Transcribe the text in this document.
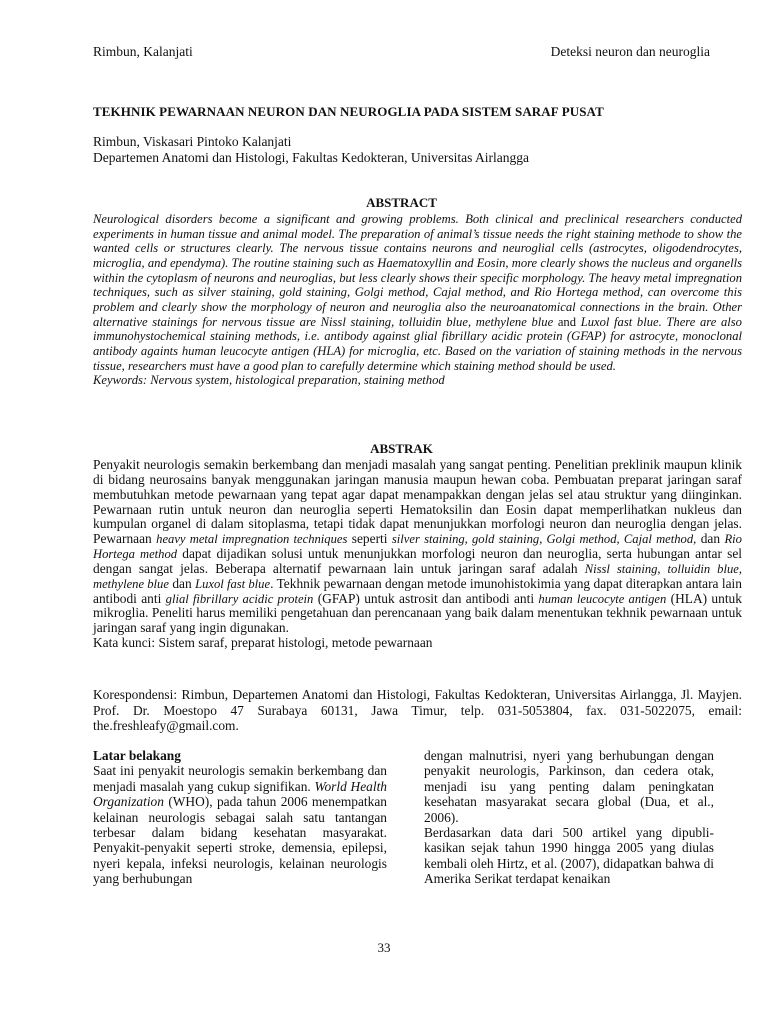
Rimbun, Kalanjati	Deteksi neuron dan neuroglia
TEKHNIK PEWARNAAN NEURON DAN NEUROGLIA PADA SISTEM SARAF PUSAT
Rimbun, Viskasari Pintoko Kalanjati
Departemen Anatomi dan Histologi, Fakultas Kedokteran, Universitas Airlangga
ABSTRACT
Neurological disorders become a significant and growing problems. Both clinical and preclinical researchers conducted experiments in human tissue and animal model. The preparation of animal’s tissue needs the right staining methode to show the wanted cells or structures clearly. The nervous tissue contains neurons and neuroglial cells (astrocytes, oligodendrocytes, microglia, and ependyma). The routine staining such as Haematoxyllin and Eosin, more clearly shows the nucleus and organells within the cytoplasm of neurons and neuroglias, but less clearly shows their specific morphology. The heavy metal impregnation techniques, such as silver staining, gold staining, Golgi method, Cajal method, and Rio Hortega method, can overcome this problem and clearly show the morphology of neuron and neuroglia also the neuroanatomical connections in the brain. Other alternative stainings for nervous tissue are Nissl staining, tolluidin blue, methylene blue and Luxol fast blue. There are also immunohystochemical staining methods, i.e. antibody against glial fibrillary acidic protein (GFAP) for astrocyte, monoclonal antibody againts human leucocyte antigen (HLA) for microglia, etc. Based on the variation of staining methods in the nervous tissue, researchers must have a good plan to carefully determine which staining method should be used.
Keywords: Nervous system, histological preparation, staining method
ABSTRAK
Penyakit neurologis semakin berkembang dan menjadi masalah yang sangat penting. Penelitian preklinik maupun klinik di bidang neurosains banyak menggunakan jaringan manusia maupun hewan coba. Pembuatan preparat jaringan saraf membutuhkan metode pewarnaan yang tepat agar dapat menampakkan dengan jelas sel atau struktur yang diinginkan. Pewarnaan rutin untuk neuron dan neuroglia seperti Hematoksilin dan Eosin dapat memperlihatkan nukleus dan kumpulan organel di dalam sitoplasma, tetapi tidak dapat menunjukkan morfologi neuron dan neuroglia dengan jelas. Pewarnaan heavy metal impregnation techniques seperti silver staining, gold staining, Golgi method, Cajal method, dan Rio Hortega method dapat dijadikan solusi untuk menunjukkan morfologi neuron dan neuroglia, serta hubungan antar sel dengan sangat jelas. Beberapa alternatif pewarnaan lain untuk jaringan saraf adalah Nissl staining, tolluidin blue, methylene blue dan Luxol fast blue. Tekhnik pewarnaan dengan metode imunohistokimia yang dapat diterapkan antara lain antibodi anti glial fibrillary acidic protein (GFAP) untuk astrosit dan antibodi anti human leucocyte antigen (HLA) untuk mikroglia. Peneliti harus memiliki pengetahuan dan perencanaan yang baik dalam menentukan tekhnik pewarnaan untuk jaringan saraf yang ingin digunakan.
Kata kunci: Sistem saraf, preparat histologi, metode pewarnaan
Korespondensi: Rimbun, Departemen Anatomi dan Histologi, Fakultas Kedokteran, Universitas Airlangga, Jl. Mayjen. Prof. Dr. Moestopo 47 Surabaya 60131, Jawa Timur, telp. 031-5053804, fax. 031-5022075, email: the.freshleafy@gmail.com.

Latar belakang

Saat ini penyakit neurologis semakin berkembang dan menjadi masalah yang cukup signifikan. World Health Organization (WHO), pada tahun 2006 menempatkan kelainan neurologis sebagai salah satu tantangan terbesar dalam bidang kesehatan masyarakat. Penyakit-penyakit seperti stroke, demensia, epilepsi, nyeri kepala, infeksi neurologis, kelainan neurologis yang berhubungan

dengan malnutrisi, nyeri yang berhubungan dengan penyakit neurologis, Parkinson, dan cedera otak, menjadi isu yang penting dalam peningkatan kesehatan masyarakat secara global (Dua, et al., 2006).

Berdasarkan data dari 500 artikel yang dipubli-kasikan sejak tahun 1990 hingga 2005 yang diulas kembali oleh Hirtz, et al. (2007), didapatkan bahwa di Amerika Serikat terdapat kenaikan

33
